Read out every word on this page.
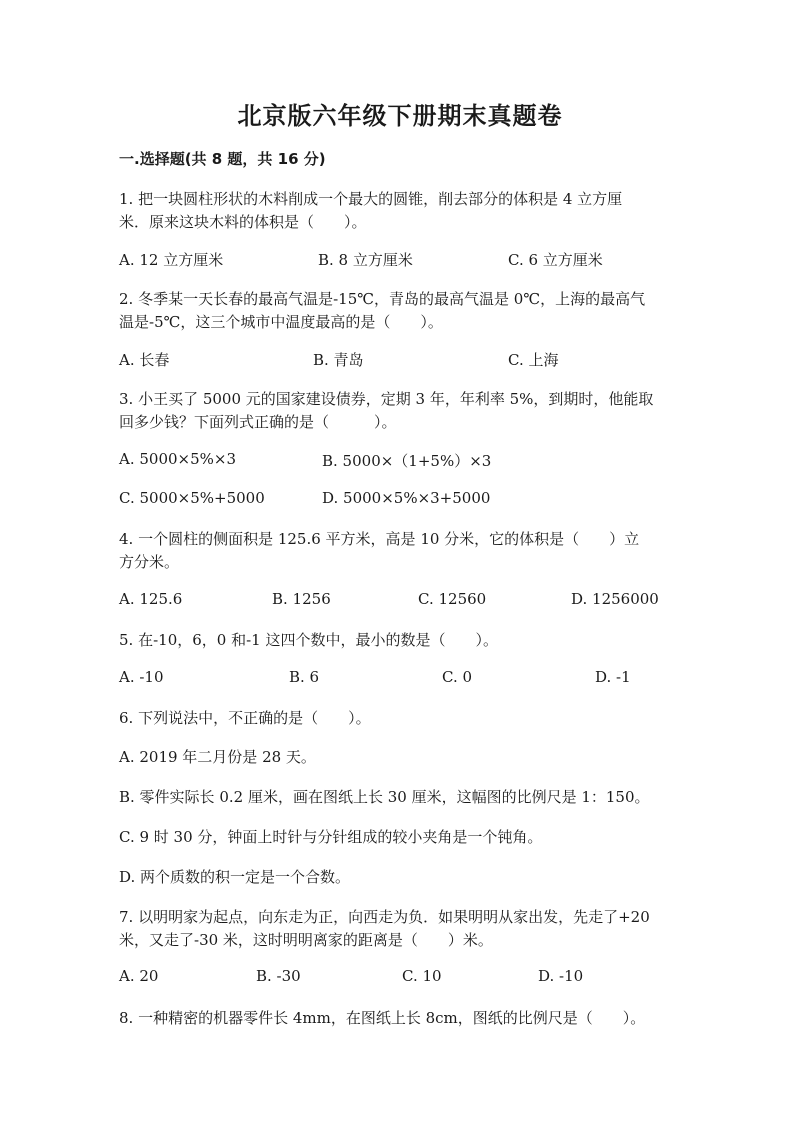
北京版六年级下册期末真题卷
一.选择题(共 8 题，共 16 分)
1. 把一块圆柱形状的木料削成一个最大的圆锥，削去部分的体积是 4 立方厘
米．原来这块木料的体积是（　　）。
A. 12 立方厘米	B. 8 立方厘米	C. 6 立方厘米
2. 冬季某一天长春的最高气温是-15℃，青岛的最高气温是 0℃，上海的最高气
温是-5℃，这三个城市中温度最高的是（　　）。
A. 长春	B. 青岛	C. 上海
3. 小王买了 5000 元的国家建设债券，定期 3 年，年利率 5%，到期时，他能取
回多少钱？下面列式正确的是（　　　）。
A. 5000×5%×3	B. 5000×（1+5%）×3
C. 5000×5%+5000	D. 5000×5%×3+5000
4. 一个圆柱的侧面积是 125.6 平方米，高是 10 分米，它的体积是（　　）立
方分米。
A. 125.6	B. 1256	C. 12560	D. 1256000
5. 在-10，6，0 和-1 这四个数中，最小的数是（　　）。
A. -10	B. 6	C. 0	D. -1
6. 下列说法中，不正确的是（　　）。
A. 2019 年二月份是 28 天。
B. 零件实际长 0.2 厘米，画在图纸上长 30 厘米，这幅图的比例尺是 1：150。
C. 9 时 30 分，钟面上时针与分针组成的较小夹角是一个钝角。
D. 两个质数的积一定是一个合数。
7. 以明明家为起点，向东走为正，向西走为负．如果明明从家出发，先走了+20
米，又走了-30 米，这时明明离家的距离是（　　）米。
A. 20	B. -30	C. 10	D. -10
8. 一种精密的机器零件长 4mm，在图纸上长 8cm，图纸的比例尺是（　　）。
